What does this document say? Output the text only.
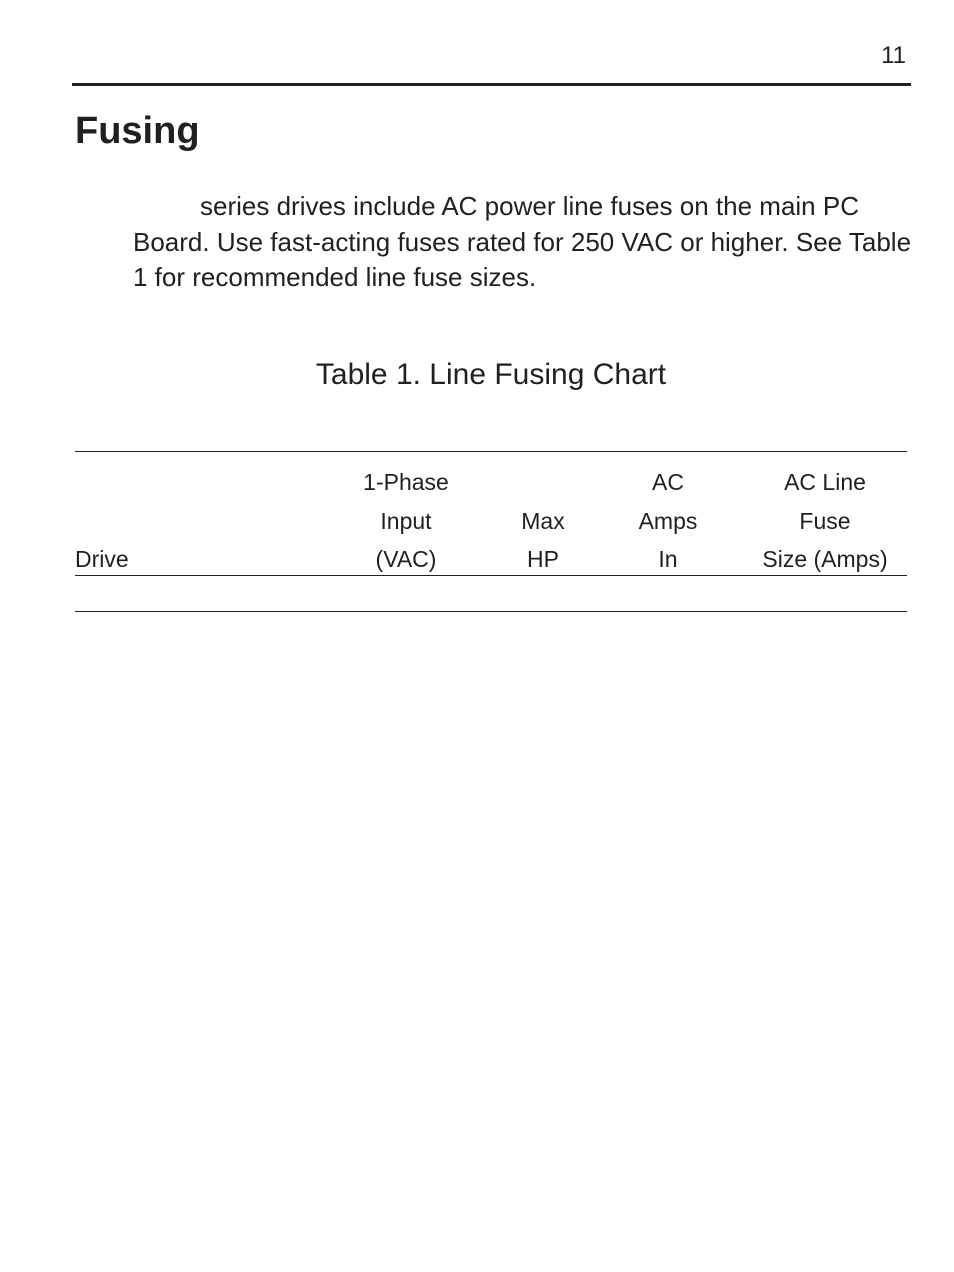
11
Fusing

series drives include AC power line fuses on the main PC Board. Use fast-acting fuses rated for 250 VAC or higher. See Table 1 for recommended line fuse sizes.

Table 1. Line Fusing Chart

Drive
1-Phase
Input
(VAC)

Max
HP
AC
Amps
In
AC Line
Fuse
Size (Amps)
